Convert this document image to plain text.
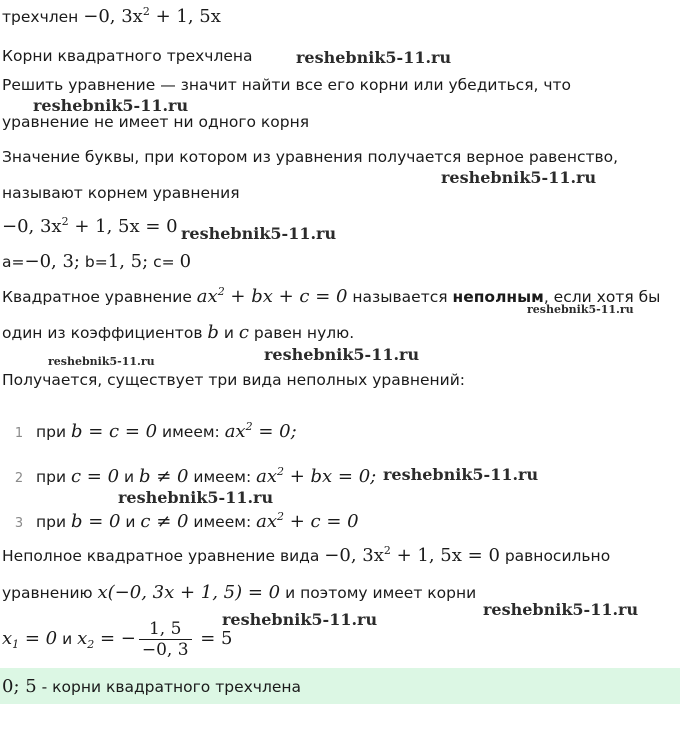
трехчлен −0, $3x^2 + 1$, 5x
Корни квадратного трехчлена
Решить уравнение — значит найти все его корни или убедиться, что
уравнение не имеет ни одного корня
Значение буквы, при котором из уравнения получается верное равенство,
называют корнем уравнения
−0, $3x^2 + 1$, 5x = 0
a=−0, 3; b=1, 5; c= 0
Квадратное уравнение $ax^2$ + bx + c = 0 называется неполным, если хотя бы
один из коэффициентов b и c равен нулю.
Получается, существует три вида неполных уравнений:
1 при b = c = 0 имеем: $ax^2 = 0$;
2 при c = 0 и b ≠ 0 имеем: $ax^2$ + bx = 0;
3 при b = 0 и c ≠ 0 имеем: $ax^2 + c = 0$
Неполное квадратное уравнение вида −0, $3x^2 + 1$, 5x = 0 равносильно
уравнению x(−0, 3x + 1, 5) = 0 и поэтому имеет корни
$x_1 = 0$ и $x_2$ = − $\frac{1, 5}{-0, 3} = 5$
0; 5 - корни квадратного трехчлена
reshebnik5-11.ru
reshebnik5-11.ru
reshebnik5-11.ru
reshebnik5-11.ru
reshebnik5-11.ru
reshebnik5-11.ru	reshebnik5-11.ru
reshebnik5-11.ru
reshebnik5-11.ru
reshebnik5-11.ru
reshebnik5-11.ru
